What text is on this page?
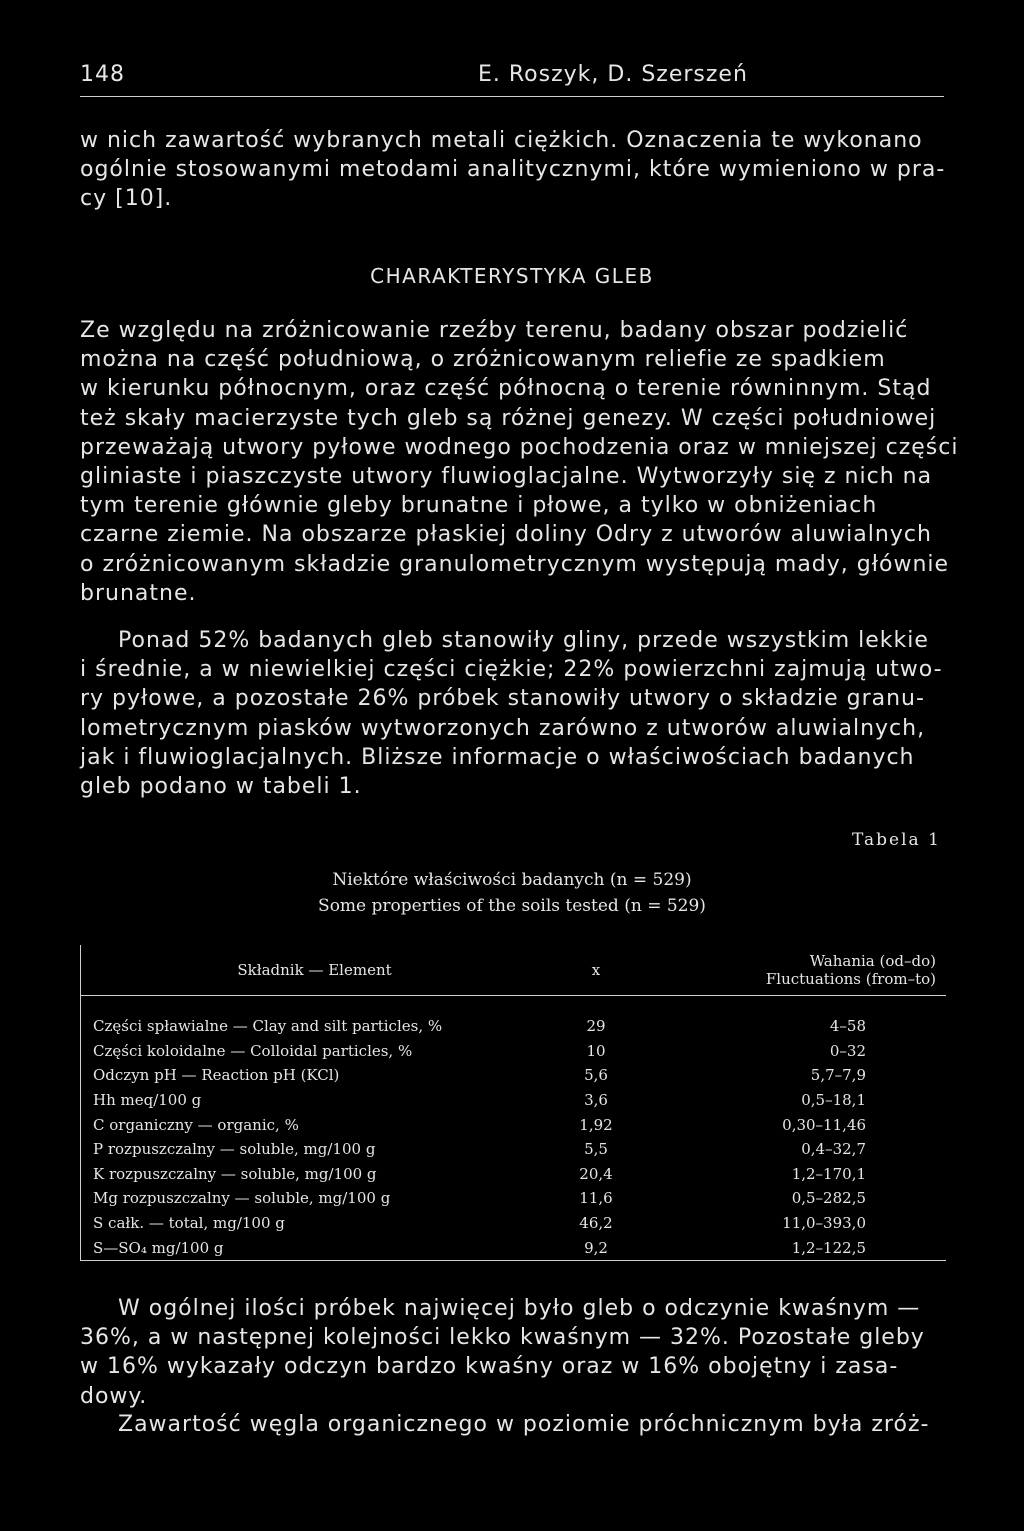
148	E. Roszyk, D. Szerszeń
w nich zawartość wybranych metali ciężkich. Oznaczenia te wykonano
ogólnie stosowanymi metodami analitycznymi, które wymieniono w pra-
cy [10].
CHARAKTERYSTYKA GLEB
Ze względu na zróżnicowanie rzeźby terenu, badany obszar podzielić
można na część południową, o zróżnicowanym reliefie ze spadkiem
w kierunku północnym, oraz część północną o terenie równinnym. Stąd
też skały macierzyste tych gleb są różnej genezy. W części południowej
przeważają utwory pyłowe wodnego pochodzenia oraz w mniejszej części
gliniaste i piaszczyste utwory fluwioglacjalne. Wytworzyły się z nich na
tym terenie głównie gleby brunatne i płowe, a tylko w obniżeniach
czarne ziemie. Na obszarze płaskiej doliny Odry z utworów aluwialnych
o zróżnicowanym składzie granulometrycznym występują mady, głównie
brunatne.
Ponad 52% badanych gleb stanowiły gliny, przede wszystkim lekkie
i średnie, a w niewielkiej części ciężkie; 22% powierzchni zajmują utwo-
ry pyłowe, a pozostałe 26% próbek stanowiły utwory o składzie granu-
lometrycznym piasków wytworzonych zarówno z utworów aluwialnych,
jak i fluwioglacjalnych. Bliższe informacje o właściwościach badanych
gleb podano w tabeli 1.
Tabela 1
Niektóre właściwości badanych (n = 529)
Some properties of the soils tested (n = 529)
Składnik — Element	x	Wahania (od–do)
Fluctuations (from–to)

Części spławialne — Clay and silt particles, %	29	4–58
Części koloidalne — Colloidal particles, %	10	0–32
Odczyn pH — Reaction pH (KCl)	5,6	5,7–7,9
Hh meq/100 g	3,6	0,5–18,1
C organiczny — organic, %	1,92	0,30–11,46
P rozpuszczalny — soluble, mg/100 g	5,5	0,4–32,7
K rozpuszczalny — soluble, mg/100 g	20,4	1,2–170,1
Mg rozpuszczalny — soluble, mg/100 g	11,6	0,5–282,5
S całk. — total, mg/100 g	46,2	11,0–393,0
S—SO₄ mg/100 g	9,2	1,2–122,5
W ogólnej ilości próbek najwięcej było gleb o odczynie kwaśnym —
36%, a w następnej kolejności lekko kwaśnym — 32%. Pozostałe gleby
w 16% wykazały odczyn bardzo kwaśny oraz w 16% obojętny i zasa-
dowy.
Zawartość węgla organicznego w poziomie próchnicznym była zróż-
